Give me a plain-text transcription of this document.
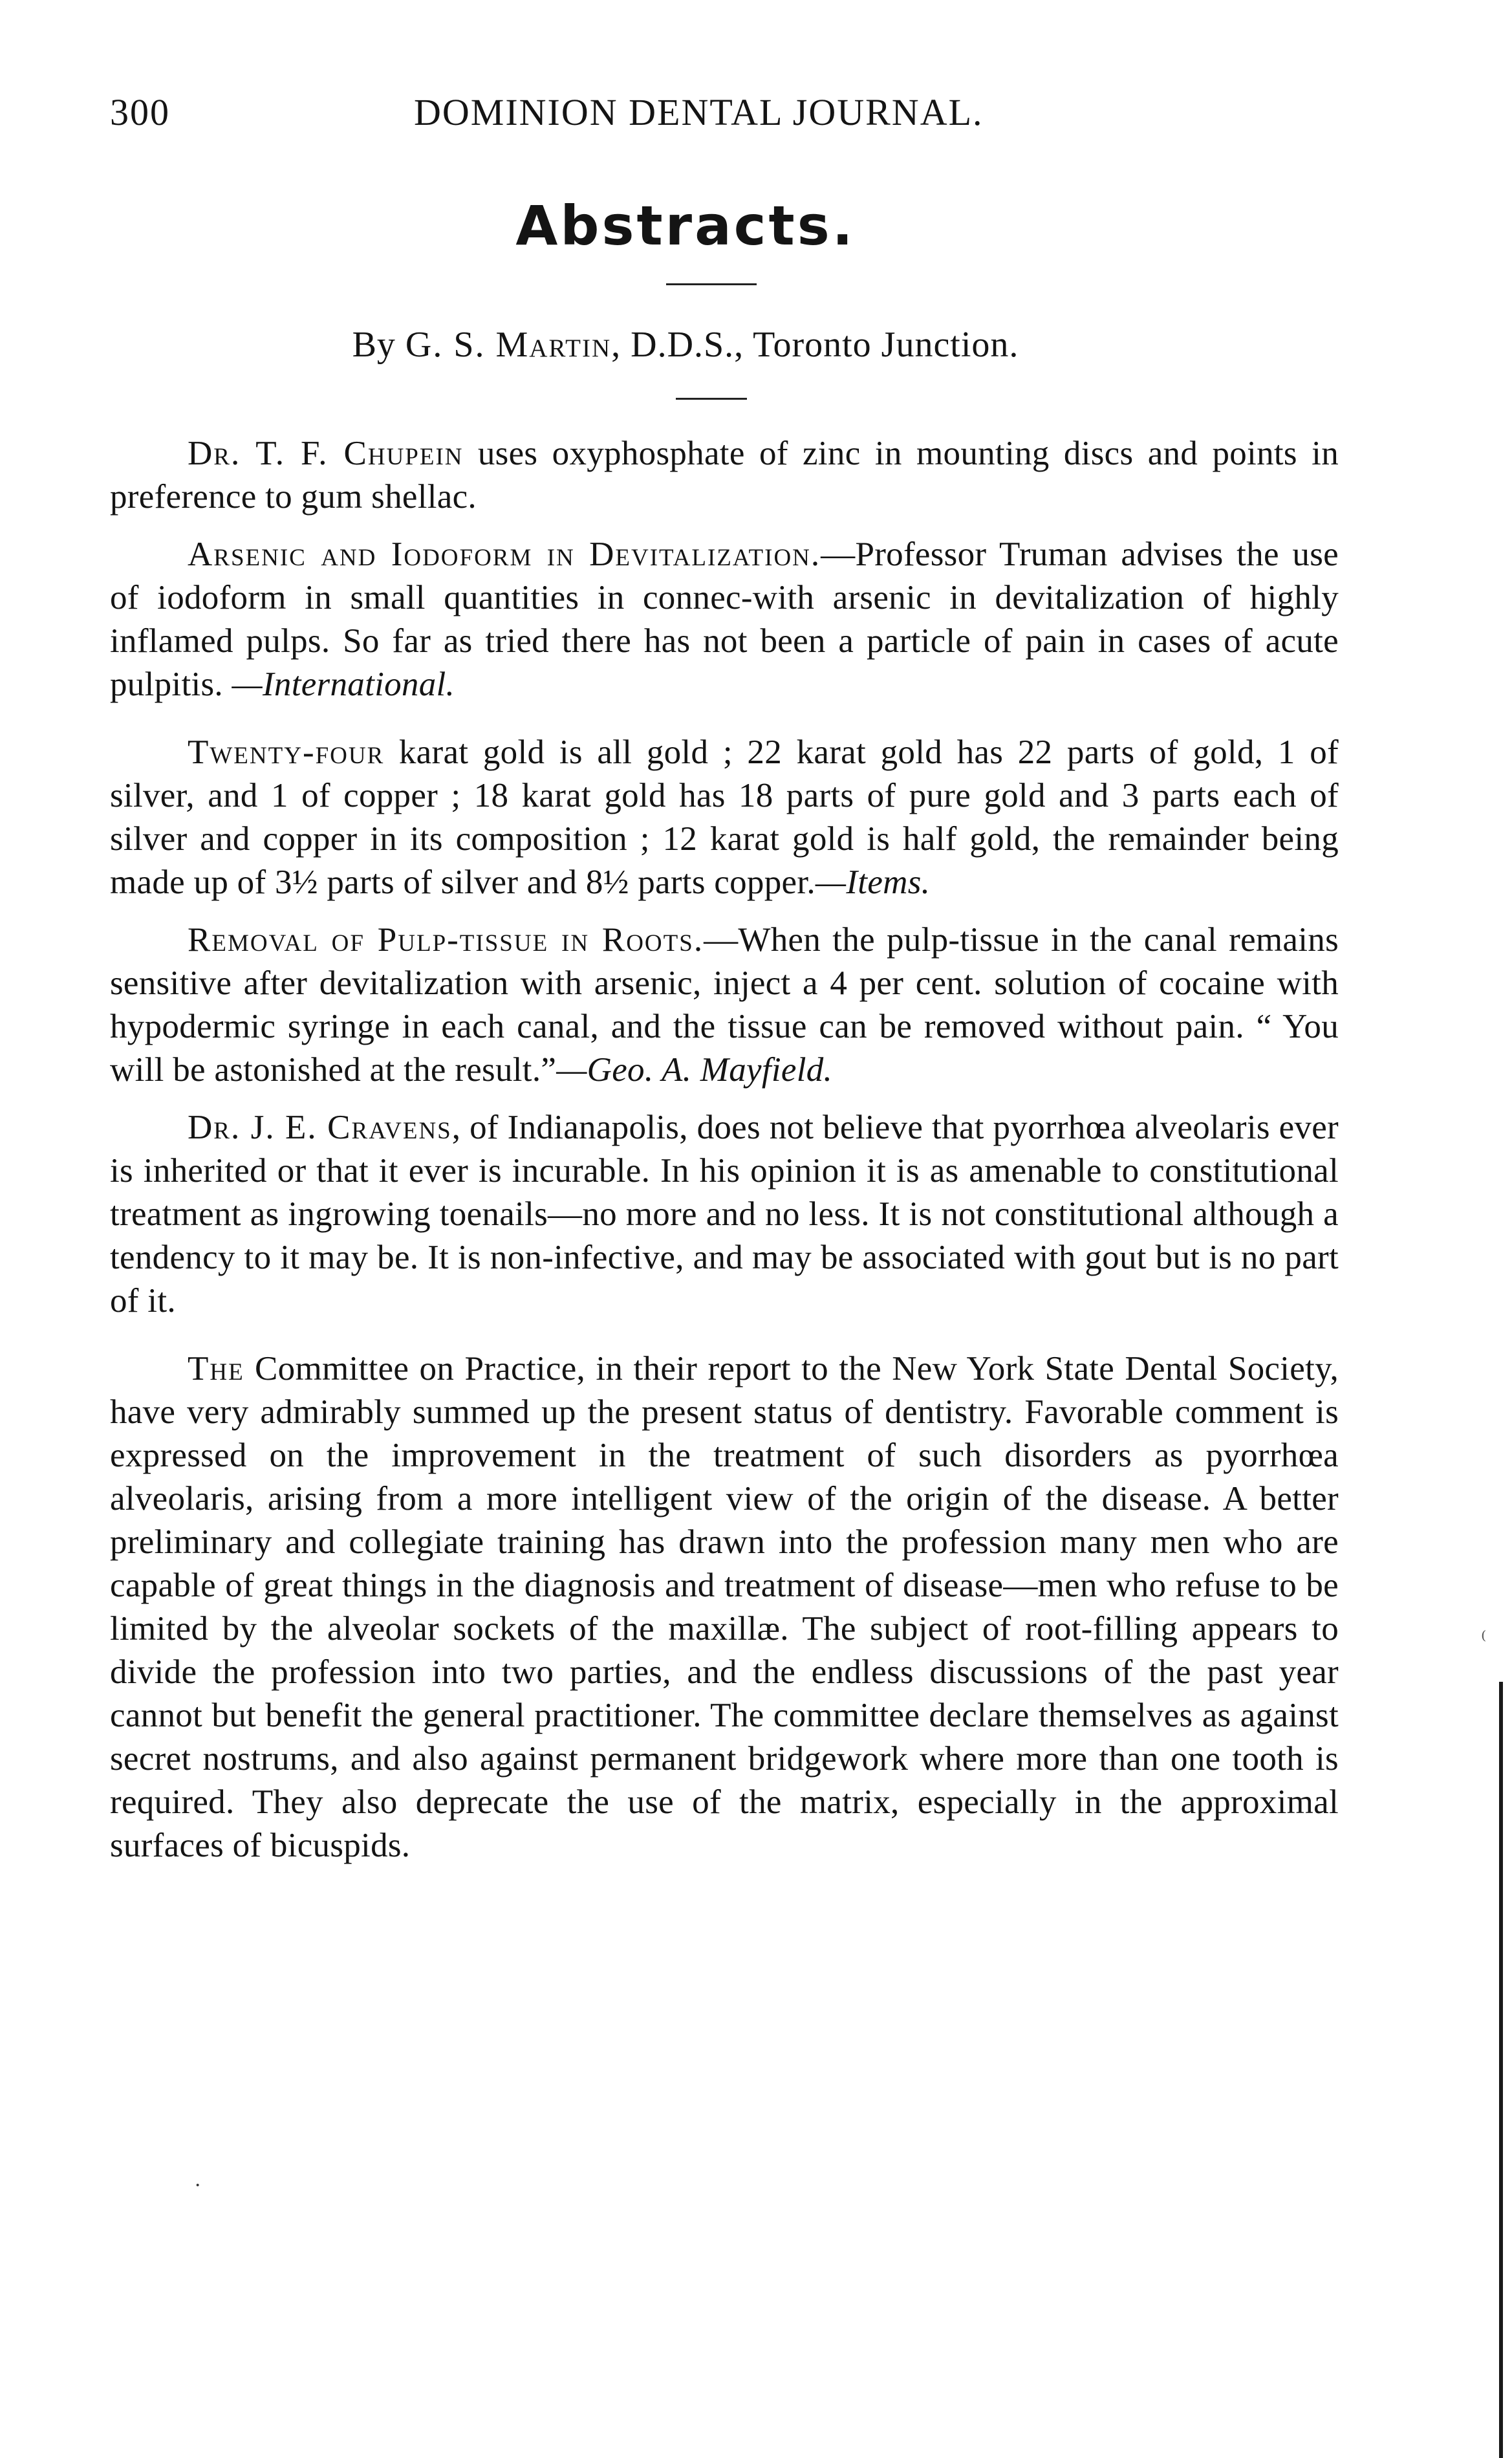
300	DOMINION DENTAL JOURNAL.
Abstracts.
By G. S. Martin, D.D.S., Toronto Junction.

Dr. T. F. Chupein uses oxyphosphate of zinc in mounting discs and points in preference to gum shellac.

Arsenic and Iodoform in Devitalization.—Professor Truman advises the use of iodoform in small quantities in connec-with arsenic in devitalization of highly inflamed pulps. So far as tried there has not been a particle of pain in cases of acute pulpitis. —International.

Twenty-four karat gold is all gold ; 22 karat gold has 22 parts of gold, 1 of silver, and 1 of copper ; 18 karat gold has 18 parts of pure gold and 3 parts each of silver and copper in its composition ; 12 karat gold is half gold, the remainder being made up of 3½ parts of silver and 8½ parts copper.—Items.

Removal of Pulp-tissue in Roots.—When the pulp-tissue in the canal remains sensitive after devitalization with arsenic, inject a 4 per cent. solution of cocaine with hypodermic syringe in each canal, and the tissue can be removed without pain. “ You will be astonished at the result.”—Geo. A. Mayfield.

Dr. J. E. Cravens, of Indianapolis, does not believe that pyorrhœa alveolaris ever is inherited or that it ever is incurable. In his opinion it is as amenable to constitutional treatment as ingrowing toenails—no more and no less. It is not constitutional although a tendency to it may be. It is non-infective, and may be associated with gout but is no part of it.

The Committee on Practice, in their report to the New York State Dental Society, have very admirably summed up the present status of dentistry. Favorable comment is expressed on the improvement in the treatment of such disorders as pyorrhœa alveolaris, arising from a more intelligent view of the origin of the disease. A better preliminary and collegiate training has drawn into the profession many men who are capable of great things in the diagnosis and treatment of disease—men who refuse to be limited by the alveolar sockets of the maxillæ. The subject of root-filling appears to divide the profession into two parties, and the endless discussions of the past year cannot but benefit the general practitioner. The committee declare themselves as against secret nostrums, and also against permanent bridgework where more than one tooth is required. They also deprecate the use of the matrix, especially in the approximal surfaces of bicuspids.

⁽
·
